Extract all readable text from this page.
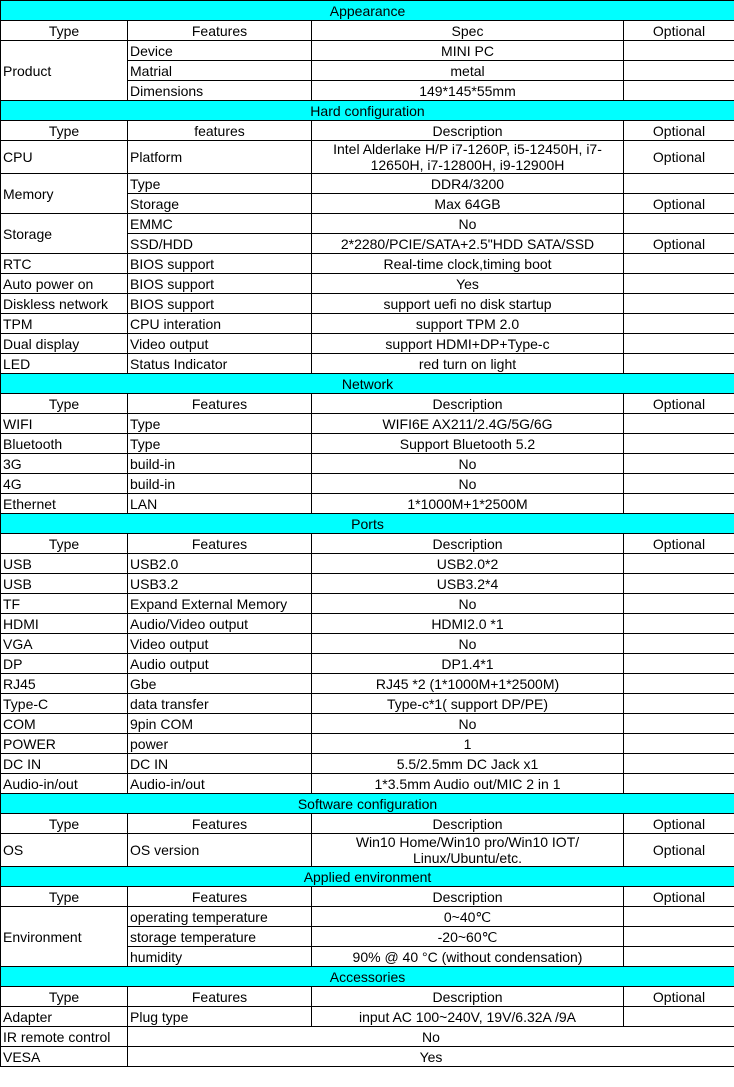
Appearance			
Type	Features	Spec	Optional
Product	Device	MINI PC	
	Matrial	metal	
	Dimensions	149*145*55mm	
Hard configuration			
Type	features	Description	Optional
CPU	Platform	Intel Alderlake H/P i7-1260P, i5-12450H, i7-12650H, i7-12800H, i9-12900H	Optional
Memory	Type	DDR4/3200	
	Storage	Max 64GB	Optional
Storage	EMMC	No	
	SSD/HDD	2*2280/PCIE/SATA+2.5"HDD SATA/SSD	Optional
RTC	BIOS support	Real-time clock,timing boot	
Auto power on	BIOS support	Yes	
Diskless network	BIOS support	support uefi no disk startup	
TPM	CPU interation	support TPM 2.0	
Dual display	Video output	support HDMI+DP+Type-c	
LED	Status Indicator	red turn on light	
Network			
Type	Features	Description	Optional
WIFI	Type	WIFI6E AX211/2.4G/5G/6G	
Bluetooth	Type	Support Bluetooth 5.2	
3G	build-in	No	
4G	build-in	No	
Ethernet	LAN	1*1000M+1*2500M	
Ports			
Type	Features	Description	Optional
USB	USB2.0	USB2.0*2	
USB	USB3.2	USB3.2*4	
TF	Expand External Memory	No	
HDMI	Audio/Video output	HDMI2.0 *1	
VGA	Video output	No	
DP	Audio output	DP1.4*1	
RJ45	Gbe	RJ45 *2 (1*1000M+1*2500M)	
Type-C	data transfer	Type-c*1( support DP/PE)	
COM	9pin COM	No	
POWER	power	1	
DC IN	DC IN	5.5/2.5mm DC Jack x1	
Audio-in/out	Audio-in/out	1*3.5mm Audio out/MIC 2 in 1	
Software configuration			
Type	Features	Description	Optional
OS	OS version	Win10 Home/Win10 pro/Win10 IOT/ Linux/Ubuntu/etc.	Optional
Applied environment			
Type	Features	Description	Optional
Environment	operating temperature	0~40℃	
	storage temperature	-20~60℃	
	humidity	90% @ 40 °C (without condensation)	
Accessories			
Type	Features	Description	Optional
Adapter	Plug type	input AC 100~240V, 19V/6.32A /9A	
IR remote control	No		
VESA	Yes		
